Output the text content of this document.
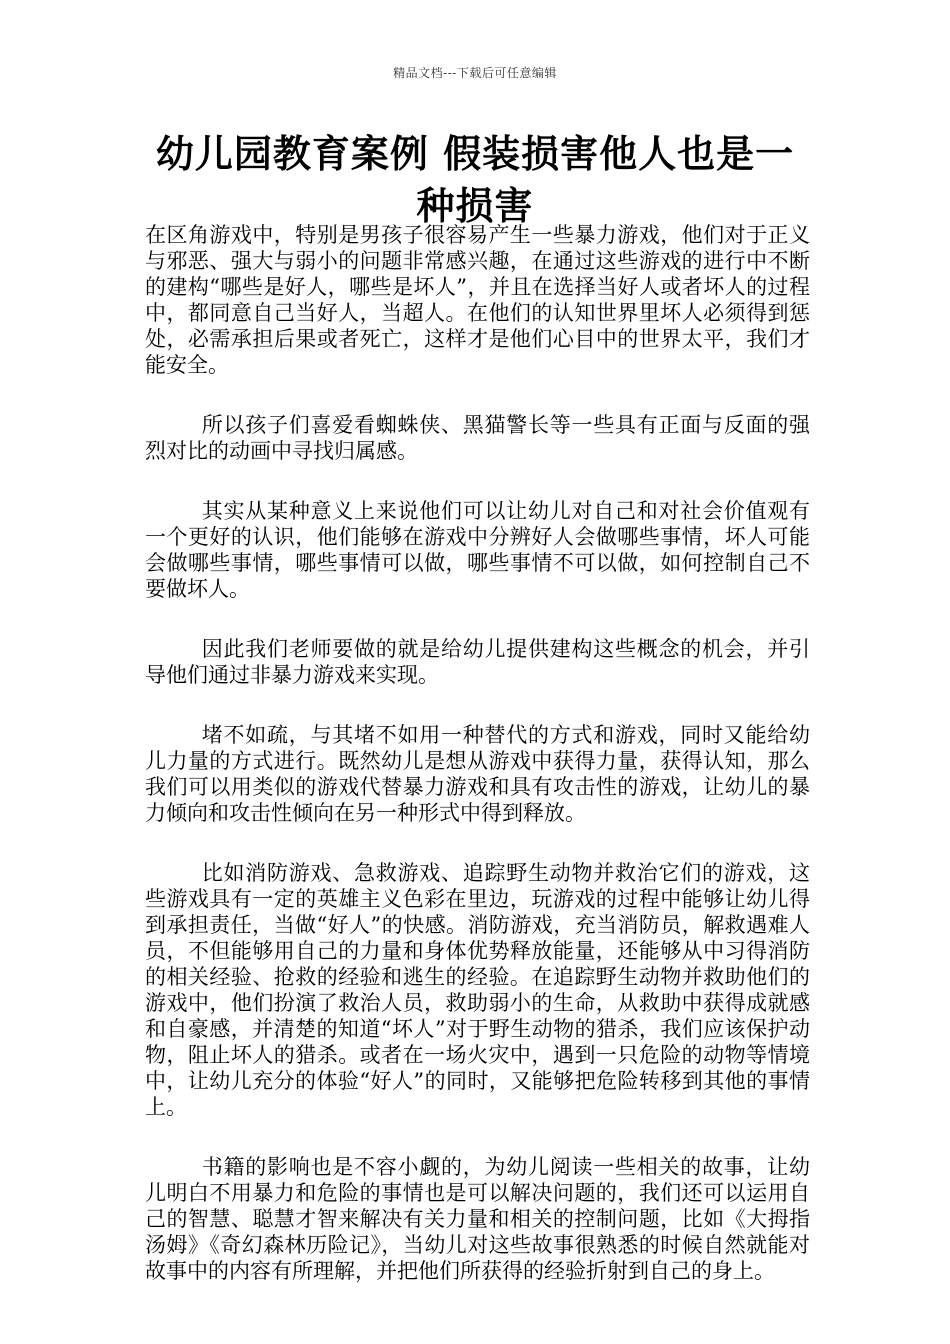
精品文档---下载后可任意编辑
幼儿园教育案例 假装损害他人也是一种损害

在区角游戏中，特别是男孩子很容易产生一些暴力游戏，他们对于正义与邪恶、强大与弱小的问题非常感兴趣，在通过这些游戏的进行中不断的建构“哪些是好人，哪些是坏人”，并且在选择当好人或者坏人的过程中，都同意自己当好人，当超人。在他们的认知世界里坏人必须得到惩处，必需承担后果或者死亡，这样才是他们心目中的世界太平，我们才能安全。

所以孩子们喜爱看蜘蛛侠、黑猫警长等一些具有正面与反面的强烈对比的动画中寻找归属感。

其实从某种意义上来说他们可以让幼儿对自己和对社会价值观有一个更好的认识，他们能够在游戏中分辨好人会做哪些事情，坏人可能会做哪些事情，哪些事情可以做，哪些事情不可以做，如何控制自己不要做坏人。

因此我们老师要做的就是给幼儿提供建构这些概念的机会，并引导他们通过非暴力游戏来实现。

堵不如疏，与其堵不如用一种替代的方式和游戏，同时又能给幼儿力量的方式进行。既然幼儿是想从游戏中获得力量，获得认知，那么我们可以用类似的游戏代替暴力游戏和具有攻击性的游戏，让幼儿的暴力倾向和攻击性倾向在另一种形式中得到释放。

比如消防游戏、急救游戏、追踪野生动物并救治它们的游戏，这些游戏具有一定的英雄主义色彩在里边，玩游戏的过程中能够让幼儿得到承担责任，当做“好人”的快感。消防游戏，充当消防员，解救遇难人员，不但能够用自己的力量和身体优势释放能量，还能够从中习得消防的相关经验、抢救的经验和逃生的经验。在追踪野生动物并救助他们的游戏中，他们扮演了救治人员，救助弱小的生命，从救助中获得成就感和自豪感，并清楚的知道“坏人”对于野生动物的猎杀，我们应该保护动物，阻止坏人的猎杀。或者在一场火灾中，遇到一只危险的动物等情境中，让幼儿充分的体验“好人”的同时，又能够把危险转移到其他的事情上。

书籍的影响也是不容小觑的，为幼儿阅读一些相关的故事，让幼儿明白不用暴力和危险的事情也是可以解决问题的，我们还可以运用自己的智慧、聪慧才智来解决有关力量和相关的控制问题，比如《大拇指汤姆》《奇幻森林历险记》，当幼儿对这些故事很熟悉的时候自然就能对故事中的内容有所理解，并把他们所获得的经验折射到自己的身上。
